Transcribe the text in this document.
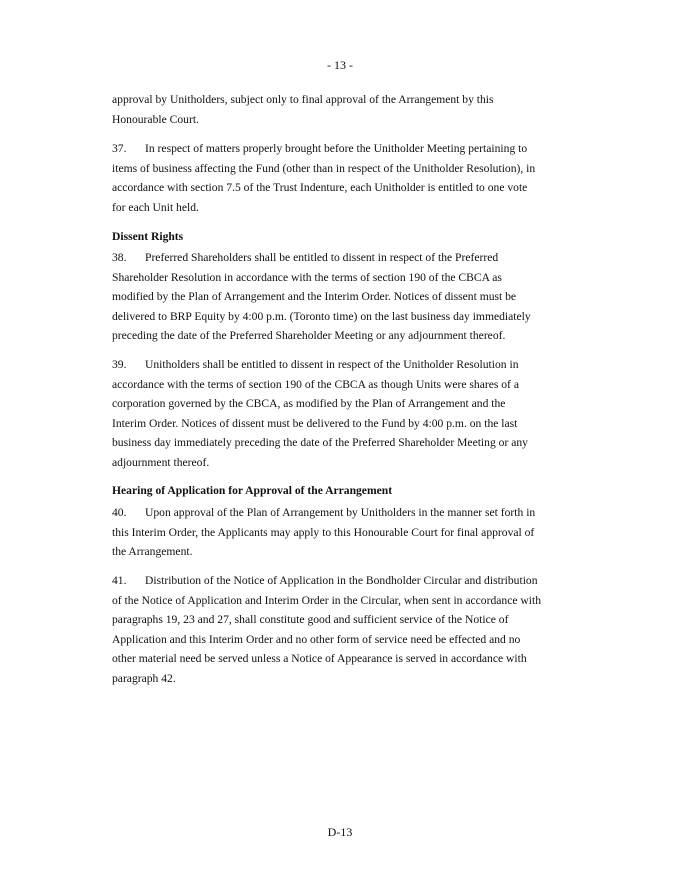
- 13 -

approval by Unitholders, subject only to final approval of the Arrangement by this Honourable Court.

37. In respect of matters properly brought before the Unitholder Meeting pertaining to items of business affecting the Fund (other than in respect of the Unitholder Resolution), in accordance with section 7.5 of the Trust Indenture, each Unitholder is entitled to one vote for each Unit held.

Dissent Rights

38. Preferred Shareholders shall be entitled to dissent in respect of the Preferred Shareholder Resolution in accordance with the terms of section 190 of the CBCA as modified by the Plan of Arrangement and the Interim Order. Notices of dissent must be delivered to BRP Equity by 4:00 p.m. (Toronto time) on the last business day immediately preceding the date of the Preferred Shareholder Meeting or any adjournment thereof.

39. Unitholders shall be entitled to dissent in respect of the Unitholder Resolution in accordance with the terms of section 190 of the CBCA as though Units were shares of a corporation governed by the CBCA, as modified by the Plan of Arrangement and the Interim Order. Notices of dissent must be delivered to the Fund by 4:00 p.m. on the last business day immediately preceding the date of the Preferred Shareholder Meeting or any adjournment thereof.

Hearing of Application for Approval of the Arrangement

40. Upon approval of the Plan of Arrangement by Unitholders in the manner set forth in this Interim Order, the Applicants may apply to this Honourable Court for final approval of the Arrangement.

41. Distribution of the Notice of Application in the Bondholder Circular and distribution of the Notice of Application and Interim Order in the Circular, when sent in accordance with paragraphs 19, 23 and 27, shall constitute good and sufficient service of the Notice of Application and this Interim Order and no other form of service need be effected and no other material need be served unless a Notice of Appearance is served in accordance with paragraph 42.

D-13
